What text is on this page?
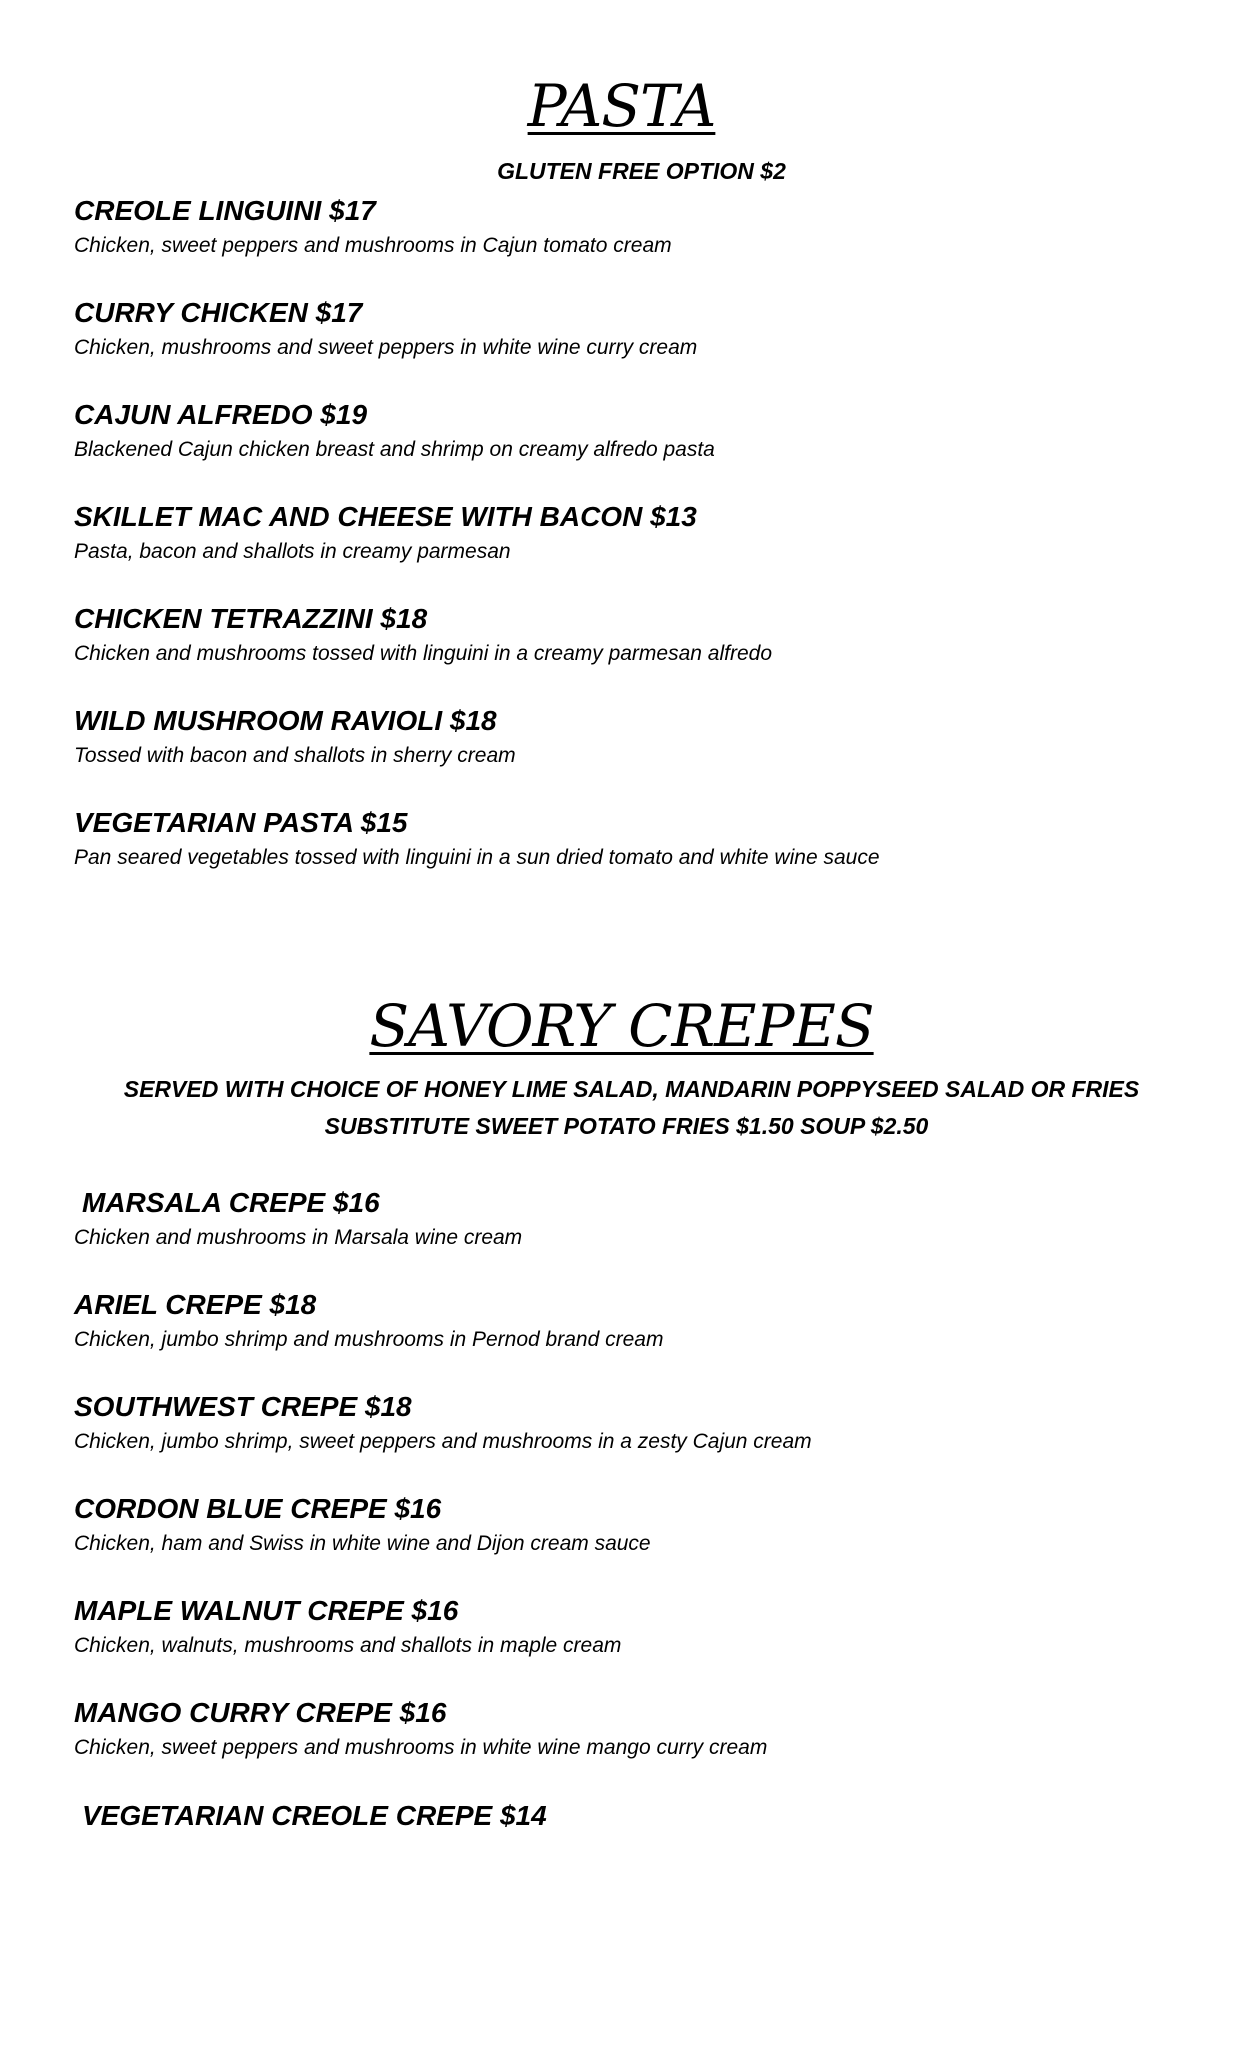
PASTA

GLUTEN FREE OPTION $2

CREOLE LINGUINI $17

Chicken, sweet peppers and mushrooms in Cajun tomato cream

CURRY CHICKEN $17

Chicken, mushrooms and sweet peppers in white wine curry cream

CAJUN ALFREDO $19

Blackened Cajun chicken breast and shrimp on creamy alfredo pasta

SKILLET MAC AND CHEESE WITH BACON $13

Pasta, bacon and shallots in creamy parmesan

CHICKEN TETRAZZINI $18

Chicken and mushrooms tossed with linguini in a creamy parmesan alfredo

WILD MUSHROOM RAVIOLI $18

Tossed with bacon and shallots in sherry cream

VEGETARIAN PASTA $15

Pan seared vegetables tossed with linguini in a sun dried tomato and white wine sauce

SAVORY CREPES

SERVED WITH CHOICE OF HONEY LIME SALAD, MANDARIN POPPYSEED SALAD OR FRIES

SUBSTITUTE SWEET POTATO FRIES $1.50 SOUP $2.50

MARSALA CREPE $16

Chicken and mushrooms in Marsala wine cream

ARIEL CREPE $18

Chicken, jumbo shrimp and mushrooms in Pernod brand cream

SOUTHWEST CREPE $18

Chicken, jumbo shrimp, sweet peppers and mushrooms in a zesty Cajun cream

CORDON BLUE CREPE $16

Chicken, ham and Swiss in white wine and Dijon cream sauce

MAPLE WALNUT CREPE $16

Chicken, walnuts, mushrooms and shallots in maple cream

MANGO CURRY CREPE $16

Chicken, sweet peppers and mushrooms in white wine mango curry cream

VEGETARIAN CREOLE CREPE $14
